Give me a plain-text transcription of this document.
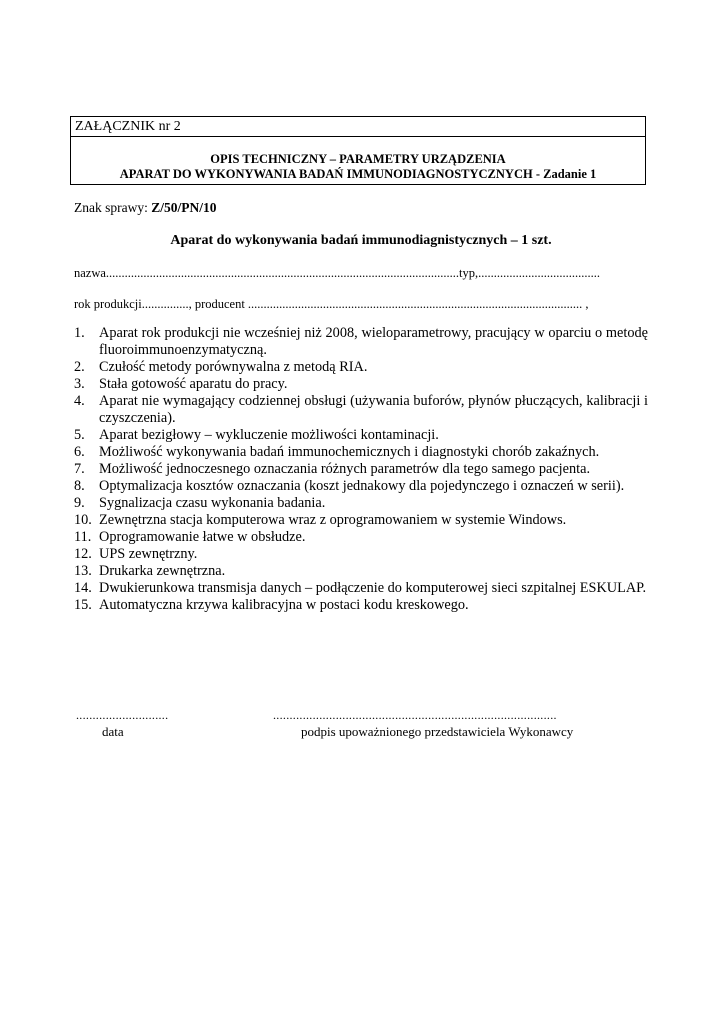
ZAŁĄCZNIK nr 2
OPIS TECHNICZNY – PARAMETRY URZĄDZENIA
APARAT DO WYKONYWANIA BADAŃ IMMUNODIAGNOSTYCZNYCH - Zadanie 1
Znak sprawy: Z/50/PN/10
Aparat do wykonywania badań immunodiagnistycznych – 1 szt.
nazwa.................................................................................................................typ,.......................................
rok produkcji..............., producent ........................................................................................................... ,
1. Aparat rok produkcji nie wcześniej niż 2008, wieloparametrowy, pracujący w oparciu o metodę fluoroimmunoenzymatyczną.
2. Czułość metody porównywalna z metodą RIA.
3. Stała gotowość aparatu do pracy.
4. Aparat nie wymagający codziennej obsługi (używania buforów, płynów płuczących, kalibracji i czyszczenia).
5. Aparat bezigłowy – wykluczenie możliwości kontaminacji.
6. Możliwość wykonywania badań immunochemicznych i diagnostyki chorób zakaźnych.
7. Możliwość jednoczesnego oznaczania różnych parametrów dla tego samego pacjenta.
8. Optymalizacja kosztów oznaczania (koszt jednakowy dla pojedynczego i oznaczeń w serii).
9. Sygnalizacja czasu wykonania badania.
10. Zewnętrzna stacja komputerowa wraz z oprogramowaniem w systemie Windows.
11. Oprogramowanie łatwe w obsłudze.
12. UPS zewnętrzny.
13. Drukarka zewnętrzna.
14. Dwukierunkowa transmisja danych – podłączenie do komputerowej sieci szpitalnej ESKULAP.
15. Automatyczna krzywa kalibracyjna w postaci kodu kreskowego.
............................	......................................................................................
data	podpis upoważnionego przedstawiciela Wykonawcy
